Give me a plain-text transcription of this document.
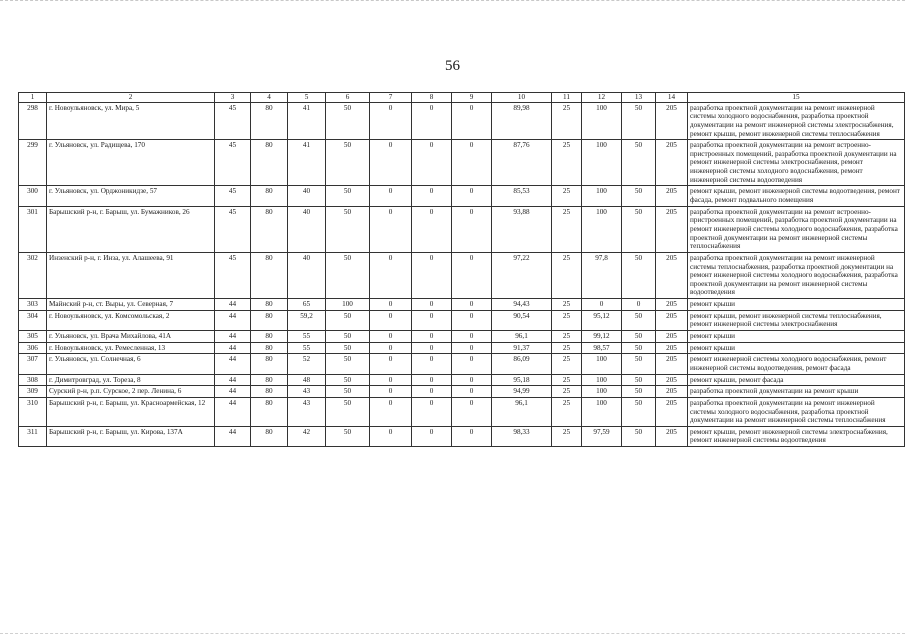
56
1	2	3	4	5	6	7	8	9	10	11	12	13	14	15
298	г. Новоульяновск, ул. Мира, 5	45	80	41	50	0	0	0	89,98	25	100	50	205	разработка проектной документации на ремонт инженерной системы холодного водоснабжения, разработка проектной документации на ремонт инженерной системы электроснабжения, ремонт крыши, ремонт инженерной системы теплоснабжения
299	г. Ульяновск, ул. Радищева, 170	45	80	41	50	0	0	0	87,76	25	100	50	205	разработка проектной документации на ремонт встроенно-пристроенных помещений, разработка проектной документации на ремонт инженерной системы электроснабжения, ремонт инженерной системы холодного водоснабжения, ремонт инженерной системы водоотведения
300	г. Ульяновск, ул. Орджоникидзе, 57	45	80	40	50	0	0	0	85,53	25	100	50	205	ремонт крыши, ремонт инженерной системы водоотведения, ремонт фасада, ремонт подвального помещения
301	Барышский р-н, г. Барыш, ул. Бумажников, 26	45	80	40	50	0	0	0	93,88	25	100	50	205	разработка проектной документации на ремонт встроенно-пристроенных помещений, разработка проектной документации на ремонт инженерной системы холодного водоснабжения, разработка проектной документации на ремонт инженерной системы теплоснабжения
302	Инзенский р-н, г. Инза, ул. Алашеева, 91	45	80	40	50	0	0	0	97,22	25	97,8	50	205	разработка проектной документации на ремонт инженерной системы теплоснабжения, разработка проектной документации на ремонт инженерной системы холодного водоснабжения, разработка проектной документации на ремонт инженерной системы водоотведения
303	Майнский р-н, ст. Выры, ул. Северная, 7	44	80	65	100	0	0	0	94,43	25	0	0	205	ремонт крыши
304	г. Новоульяновск, ул. Комсомольская, 2	44	80	59,2	50	0	0	0	90,54	25	95,12	50	205	ремонт крыши, ремонт инженерной системы теплоснабжения, ремонт инженерной системы электроснабжения
305	г. Ульяновск, ул. Врача Михайлова, 41А	44	80	55	50	0	0	0	96,1	25	99,12	50	205	ремонт крыши
306	г. Новоульяновск, ул. Ремесленная, 13	44	80	55	50	0	0	0	91,37	25	98,57	50	205	ремонт крыши
307	г. Ульяновск, ул. Солнечная, 6	44	80	52	50	0	0	0	86,09	25	100	50	205	ремонт инженерной системы холодного водоснабжения, ремонт инженерной системы водоотведения, ремонт фасада
308	г. Димитровград, ул. Тореза, 8	44	80	48	50	0	0	0	95,18	25	100	50	205	ремонт крыши, ремонт фасада
309	Сурский р-н, р.п. Сурское, 2 пер. Ленина, 6	44	80	43	50	0	0	0	94,99	25	100	50	205	разработка проектной документации на ремонт крыши
310	Барышский р-н, г. Барыш, ул. Красноармейская, 12	44	80	43	50	0	0	0	96,1	25	100	50	205	разработка проектной документации на ремонт инженерной системы холодного водоснабжения, разработка проектной документации на ремонт инженерной системы теплоснабжения
311	Барышский р-н, г. Барыш, ул. Кирова, 137А	44	80	42	50	0	0	0	98,33	25	97,59	50	205	ремонт крыши, ремонт инженерной системы электроснабжения, ремонт инженерной системы водоотведения
